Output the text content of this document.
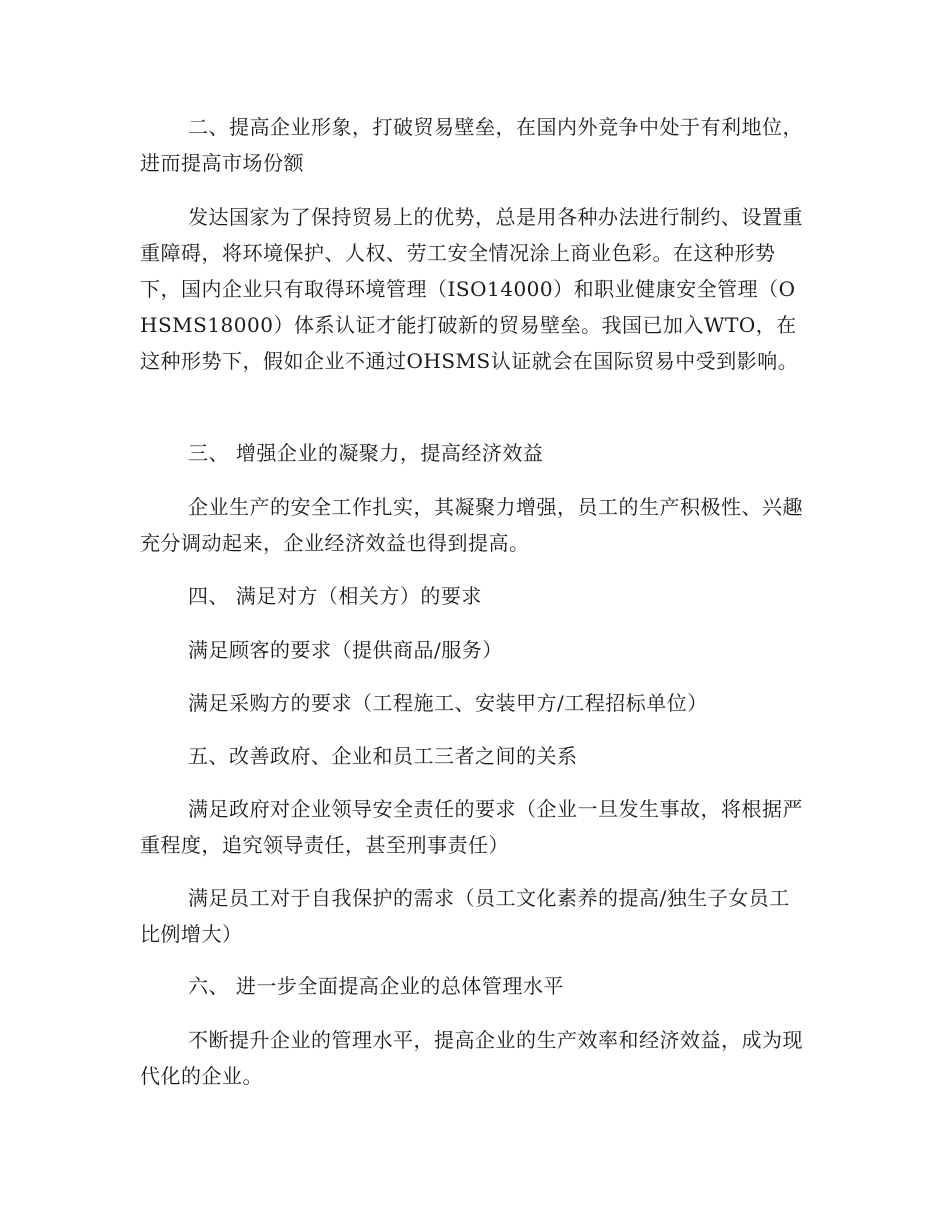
二、提高企业形象，打破贸易壁垒，在国内外竞争中处于有利地位，进而提高市场份额

发达国家为了保持贸易上的优势，总是用各种办法进行制约、设置重重障碍，将环境保护、人权、劳工安全情况涂上商业色彩。在这种形势下，国内企业只有取得环境管理（ISO14000）和职业健康安全管理（OHSMS18000）体系认证才能打破新的贸易壁垒。我国已加入WTO，在这种形势下，假如企业不通过OHSMS认证就会在国际贸易中受到影响。

三、 增强企业的凝聚力，提高经济效益

企业生产的安全工作扎实，其凝聚力增强，员工的生产积极性、兴趣充分调动起来，企业经济效益也得到提高。

四、 满足对方（相关方）的要求

满足顾客的要求（提供商品/服务）

满足采购方的要求（工程施工、安装甲方/工程招标单位）

五、改善政府、企业和员工三者之间的关系

满足政府对企业领导安全责任的要求（企业一旦发生事故，将根据严重程度，追究领导责任，甚至刑事责任）

满足员工对于自我保护的需求（员工文化素养的提高/独生子女员工比例增大）

六、 进一步全面提高企业的总体管理水平

不断提升企业的管理水平，提高企业的生产效率和经济效益，成为现代化的企业。
